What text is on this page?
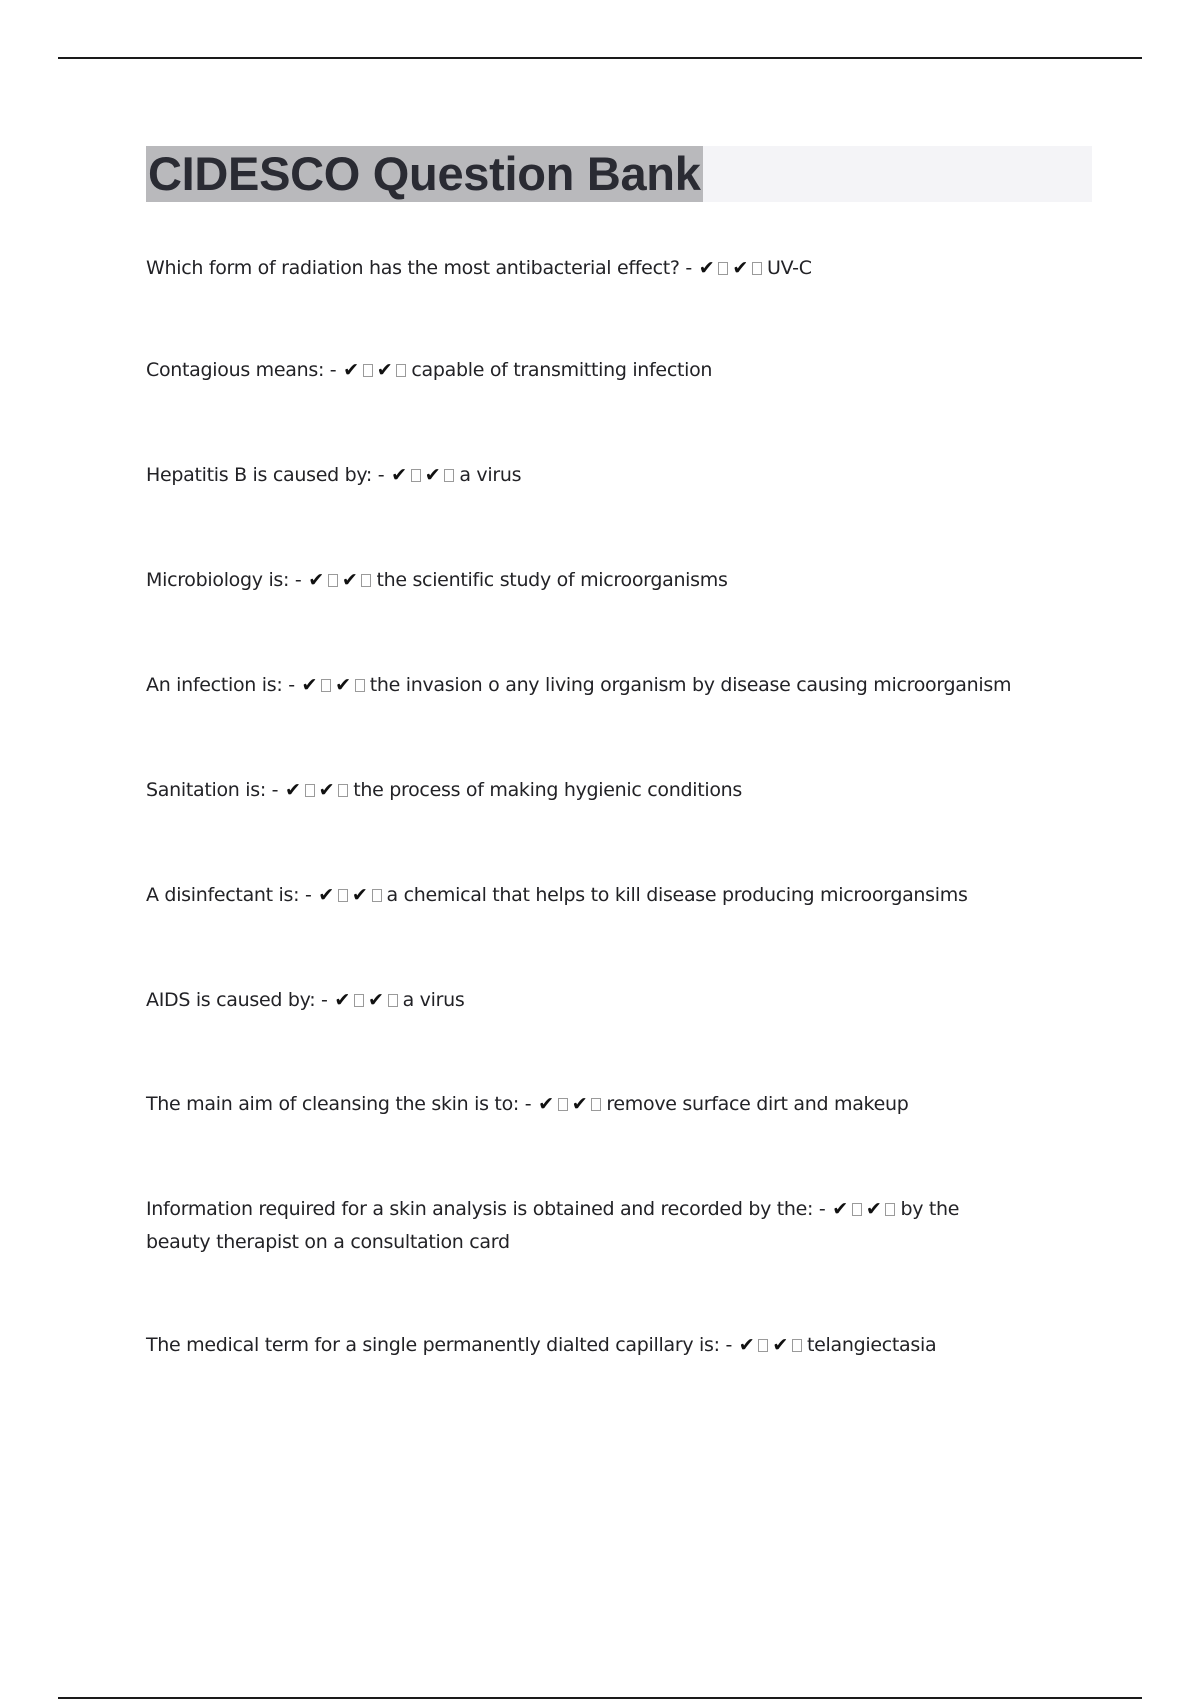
CIDESCO Question Bank
Which form of radiation has the most antibacterial effect? - ✔ ✔ UV-C
Contagious means: - ✔ ✔ capable of transmitting infection
Hepatitis B is caused by: - ✔ ✔ a virus
Microbiology is: - ✔ ✔ the scientific study of microorganisms
An infection is: - ✔ ✔ the invasion o any living organism by disease causing microorganism
Sanitation is: - ✔ ✔ the process of making hygienic conditions
A disinfectant is: - ✔ ✔ a chemical that helps to kill disease producing microorgansims
AIDS is caused by: - ✔ ✔ a virus
The main aim of cleansing the skin is to: - ✔ ✔ remove surface dirt and makeup
Information required for a skin analysis is obtained and recorded by the: - ✔ ✔ by the beauty therapist on a consultation card
The medical term for a single permanently dialted capillary is: - ✔ ✔ telangiectasia
